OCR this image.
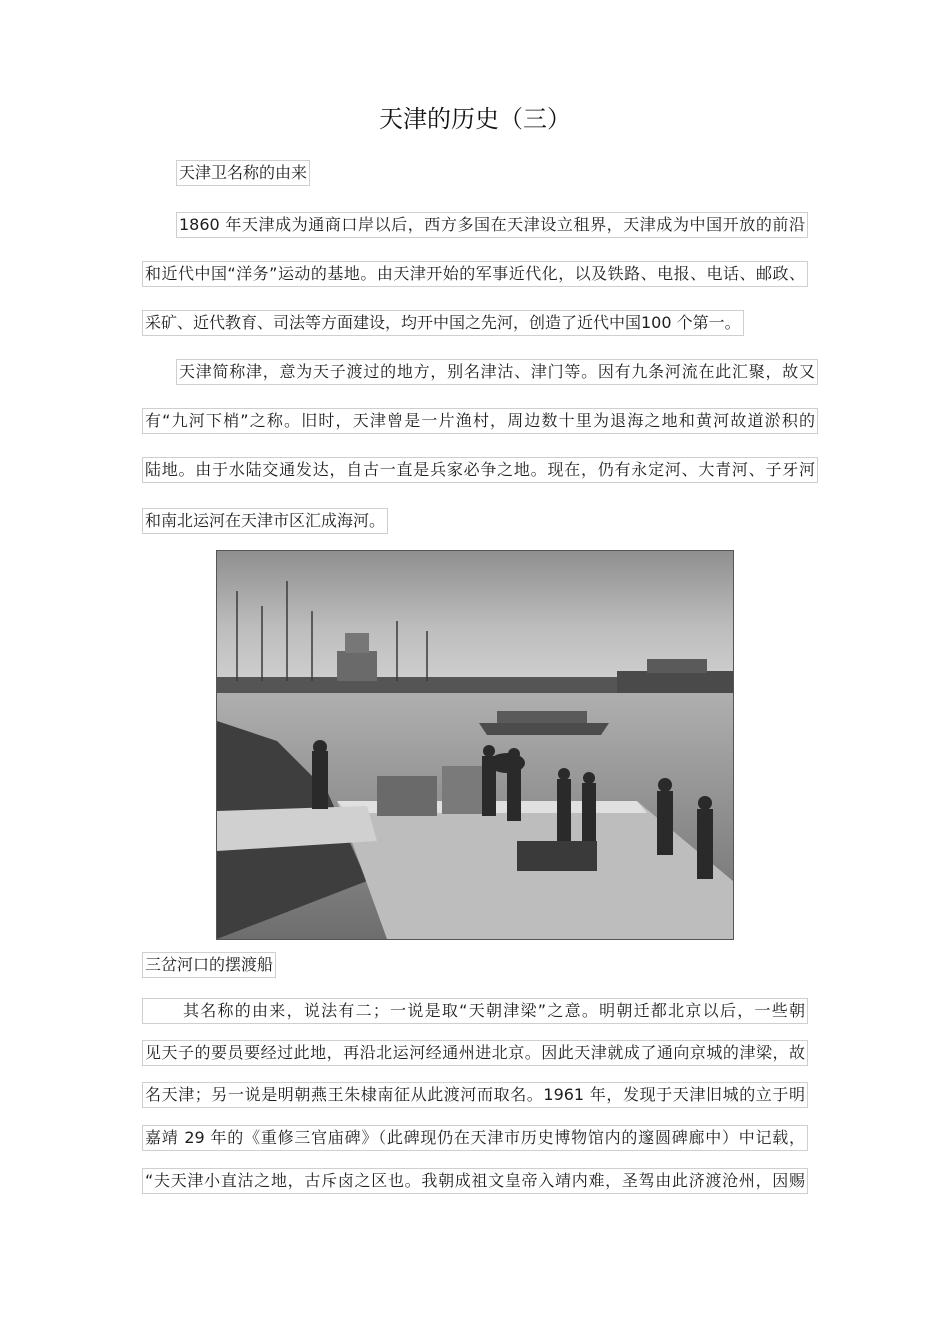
天津的历史（三）
天津卫名称的由来
1860 年天津成为通商口岸以后，西方多国在天津设立租界，天津成为中国开放的前沿
和近代中国“洋务”运动的基地。由天津开始的军事近代化，以及铁路、电报、电话、邮政、
采矿、近代教育、司法等方面建设，均开中国之先河，创造了近代中国100 个第一。
天津简称津，意为天子渡过的地方，别名津沽、津门等。因有九条河流在此汇聚，故又
有“九河下梢”之称。旧时，天津曾是一片渔村，周边数十里为退海之地和黄河故道淤积的
陆地。由于水陆交通发达，自古一直是兵家必争之地。现在，仍有永定河、大青河、子牙河
和南北运河在天津市区汇成海河。
三岔河口的摆渡船
其名称的由来，说法有二；一说是取“天朝津梁”之意。明朝迁都北京以后，一些朝
见天子的要员要经过此地，再沿北运河经通州进北京。因此天津就成了通向京城的津梁，故
名天津；另一说是明朝燕王朱棣南征从此渡河而取名。1961 年，发现于天津旧城的立于明
嘉靖 29 年的《重修三官庙碑》（此碑现仍在天津市历史博物馆内的邃圆碑廊中）中记载，
“夫天津小直沽之地，古斥卤之区也。我朝成祖文皇帝入靖内难，圣驾由此济渡沧州，因赐
